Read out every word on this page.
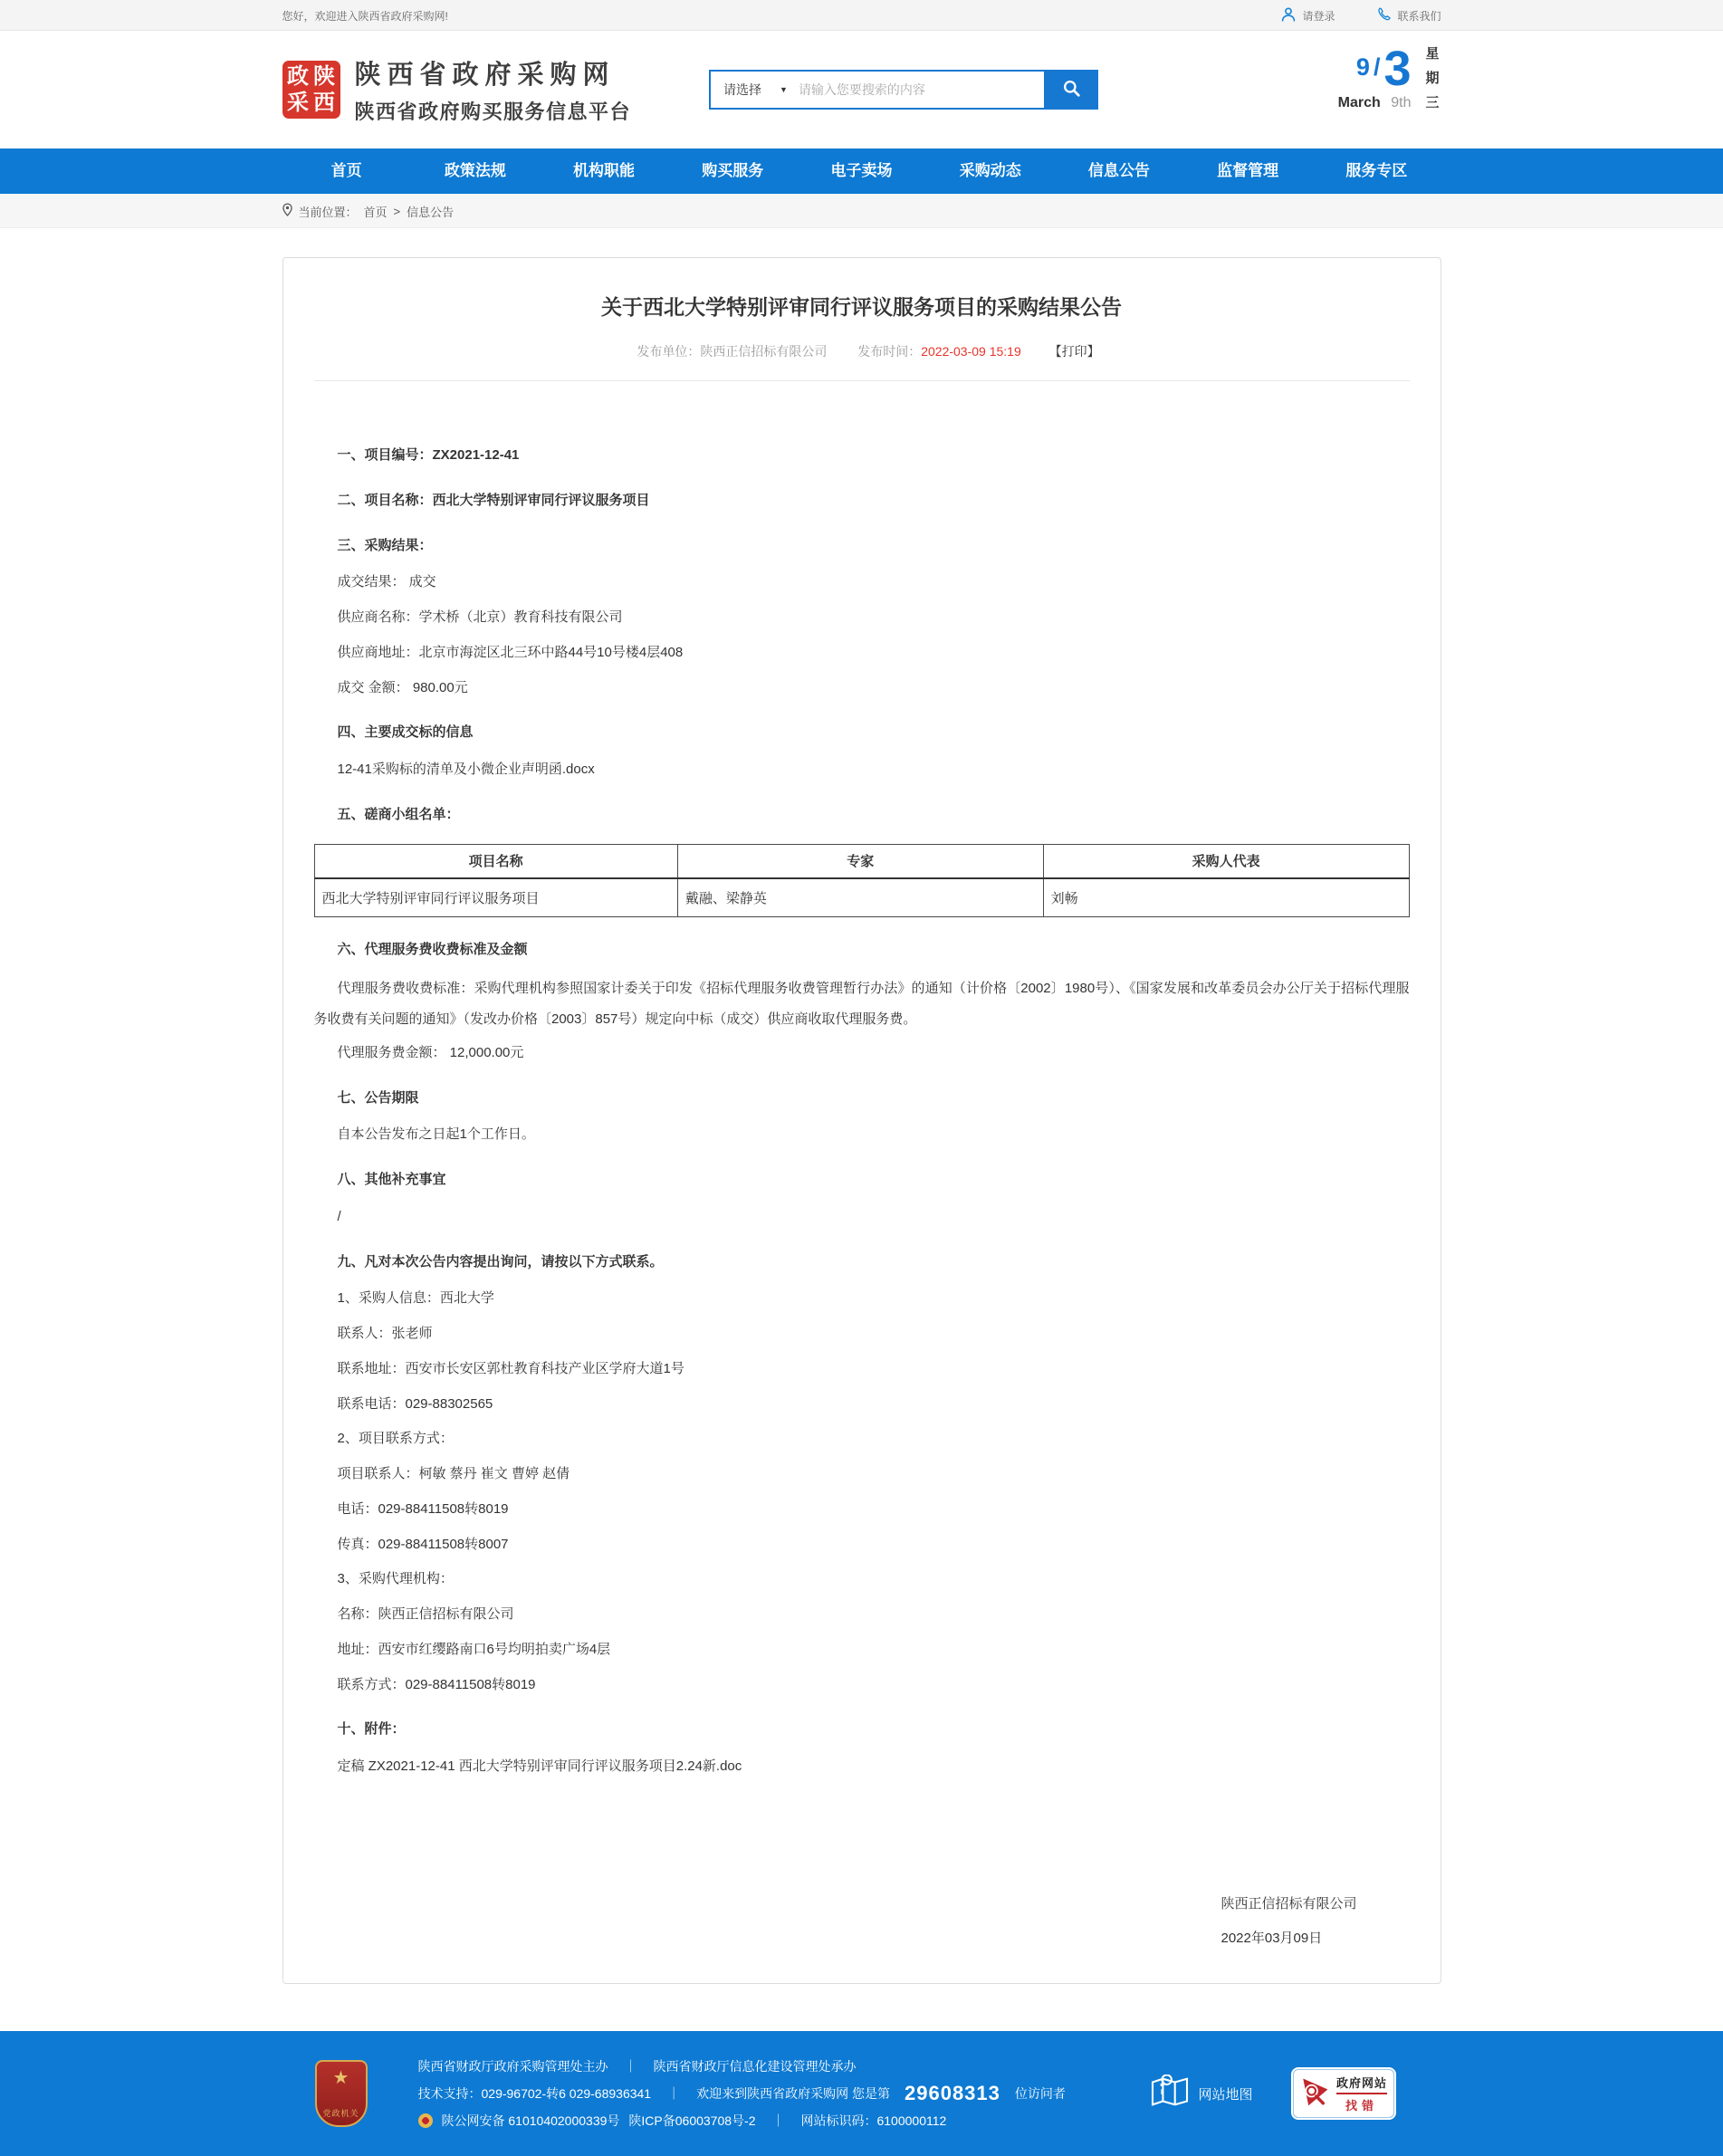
您好，欢迎进入陕西省政府采购网!	请登录	联系我们
政 陕
采 西
陕西省政府采购网
陕西省政府购买服务信息平台
请选择 ▼
请输入您要搜索的内容
9 / 3
March 9th 星期三
首页	政策法规	机构职能	购买服务	电子卖场	采购动态	信息公告	监督管理	服务专区
当前位置： 首页 > 信息公告
关于西北大学特别评审同行评议服务项目的采购结果公告
发布单位：陕西正信招标有限公司 发布时间：2022-03-09 15:19 【打印】

一、项目编号：ZX2021-12-41

二、项目名称：西北大学特别评审同行评议服务项目

三、采购结果：

成交结果： 成交

供应商名称：学术桥（北京）教育科技有限公司

供应商地址：北京市海淀区北三环中路44号10号楼4层408

成交 金额： 980.00元

四、主要成交标的信息

12-41采购标的清单及小微企业声明函.docx

五、磋商小组名单：

项目名称	专家	采购人代表
西北大学特别评审同行评议服务项目	戴融、梁静英	刘畅

六、代理服务费收费标准及金额

代理服务费收费标准：采购代理机构参照国家计委关于印发《招标代理服务收费管理暂行办法》的通知（计价格〔2002〕1980号）、《国家发展和改革委员会办公厅关于招标代理服务收费有关问题的通知》（发改办价格〔2003〕857号）规定向中标（成交）供应商收取代理服务费。

代理服务费金额： 12,000.00元

七、公告期限

自本公告发布之日起1个工作日。

八、其他补充事宜

/

九、凡对本次公告内容提出询问，请按以下方式联系。

1、采购人信息：西北大学

联系人：张老师

联系地址：西安市长安区郭杜教育科技产业区学府大道1号

联系电话：029-88302565

2、项目联系方式：

项目联系人：柯敏 蔡丹 崔文 曹婷 赵倩

电话：029-88411508转8019

传真：029-88411508转8007

3、采购代理机构：

名称：陕西正信招标有限公司

地址：西安市红缨路南口6号均明拍卖广场4层

联系方式：029-88411508转8019

十、附件：

定稿 ZX2021-12-41 西北大学特别评审同行评议服务项目2.24新.doc

陕西正信招标有限公司
2022年03月09日
★
党政机关
陕西省财政厅政府采购管理处主办 ｜ 陕西省财政厅信息化建设管理处承办
技术支持：029-96702-转6 029-68936341 ｜ 欢迎来到陕西省政府采购网 您是第 29608313 位访问者
陕公网安备 61010402000339号 陕ICP备06003708号-2 ｜ 网站标识码：6100000112
网站地图
政府网站
找错
